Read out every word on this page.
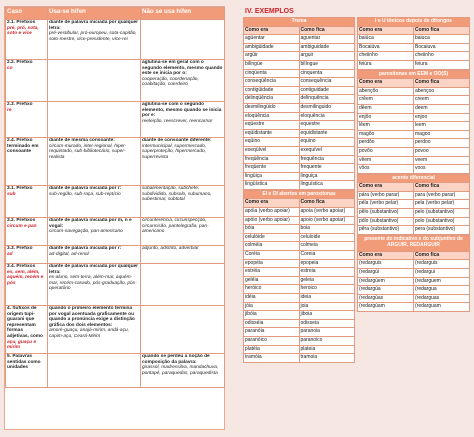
Caso	Usa-se hífen	Não se usa hífen
2.1. Prefixos
pré, pró, sota, soto e vice	diante de palavra iniciada por qualquer letra:
pré-vestibular, pró-europeu, sota-capitão, soto-mestre, vice-presidente, vice-rei	

2.2. Prefixo
co		aglutina-se em geral com o segundo elemento, mesmo quando este se inicia por o:
cooperação, coordenação, coabitação, coerdeiro

2.3. Prefixo
re		aglutina-se com o segundo elemento, mesmo quando se inicia por e:
reeleição, reescrever, reencarnar

2.4. Prefixo terminado em consoante	diante de mesma consoante:
circum-murado, inter-regional, hiper-requintado, sub-bibliotecário, super-realista	diante de consoante diferente:
intermunicipal, supermercado, superproteção, hipermercado, superrevista

3.1. Prefixo
sub	diante de palavra iniciada por r:
sub-região, sub-raça, sub-reptício	subalimentação, subchefe, subdividido, subsolo, subumano, subestimar, subtotal

3.2. Prefixos
circum e pan	diante de palavra iniciada por m, n e vogal:
circum-navegação, pan-americano	circunferência, circunspecção, circuncisão, pantelegrafia, pan-americano

3.3. Prefixo
ad	diante de palavra iniciada por r:
ad-digital, ad-renal	adjunto, adstrito, adverbial

3.4. Prefixos
ex, sem, além, aquém, recém e pós	diante de palavra iniciada por qualquer letra:
ex-aluno, sem-terra, além-mar, aquém-mar, recém-casado, pós-graduação, pós-operatório	

4. Sufixos de origem tupi-guarani que representam formas adjetivas, como
açu, guaçu e mirim	quando o primeiro elemento termina por vogal acentuada graficamente ou quando a pronúncia exige a distinção gráfica dos dois elementos:
amoré-guaçu, anajá-mirim, andá-açu, capim-açu, Ceará-Mirim	

5. Palavras sentidas como unidades		quando se perdeu a noção de composição da palavra:
girassol, madressilva, mandachuva, pontapé, paraquedas, paraquedista
IV. EXEMPLOS
Trema	
Como era	Como fica
agüentar	aguentar
ambigüidade	ambiguidade
argüir	arguir
bilíngüe	bilíngue
cinqüenta	cinquenta
conseqüência	consequência
contigüidade	contiguidade
delinqüência	delinquência
desmilingüido	desmilinguido
eloqüência	eloquência
eqüestre	equestre
eqüidistante	equidistante
eqüino	equino
exeqüível	exequível
freqüência	frequência
freqüente	frequente
lingüiça	linguiça
lingüística	linguística
EI e OI abertos em paroxítonas	
Como era	Como fica
apóia (verbo apoiar)	apoia (verbo apoiar)
apóio (verbo apoiar)	apoio (verbo apoiar)
bóia	boia
celulóide	celuloide
colméia	colmeia
Coréia	Coreia
epopéia	epopeia
estréia	estreia
geléia	geleia
heróico	heroico
idéia	ideia
jóia	joia
jibóia	jiboia
odisséia	odisseia
paranóia	paranoia
paranóico	paranoico
platéia	plateia
tramóia	tramoia
I e U tônicos depois de ditongos	
Como era	Como fica
baiúca	baiuca
Bocaiúva	Bocaiuva
cheiinho	cheiinho
feiúra	feiura
paroxítonas em ÊEM e ÔO(S)	
Como era	Como fica
abençôo	abençoo
crêem	creem
dêem	deem
enjôo	enjoo
lêem	leem
magôo	magoo
perdôo	perdoo
povôo	povoo
vêem	veem
vôos	voos
acento diferencial	
Como era	Como fica
pára (verbo parar)	para (verbo parar)
péla (verbo pelar)	pela (verbo pelar)
pêlo (substantivo)	pelo (substantivo)
pólo (substantivo)	polo (substantivo)
pêra (substantivo)	pera (substantivo)
presente do indicativo e do subjuntivo de ARGUIR, REDARGUIR	
Como era	Como fica
(redarguis	(redarguis
(redargúi	(redargui
(redargúem	(redarguem
(redargúa	(redargua
(redargúas	(redarguas
(redargúam	(redarguam
